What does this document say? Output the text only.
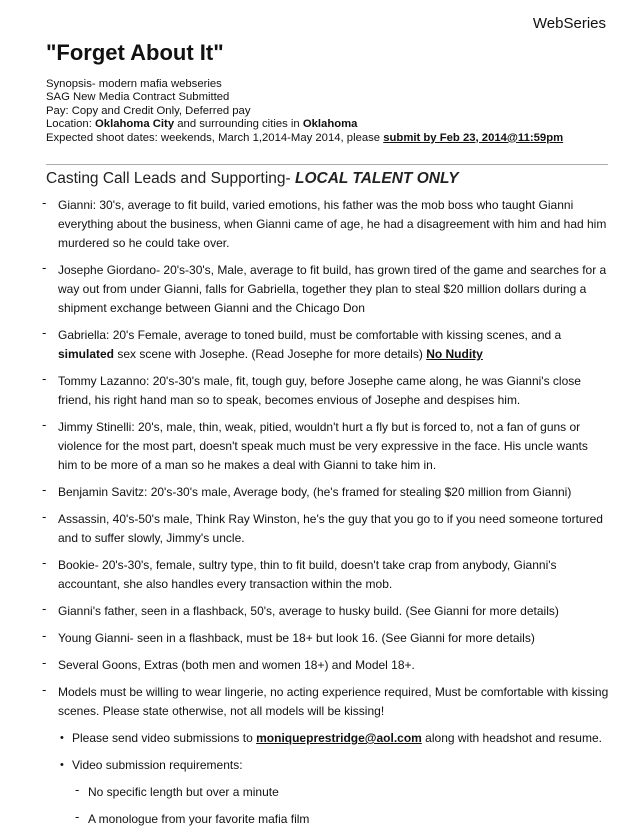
WebSeries
"Forget About It"
Synopsis- modern mafia webseries
SAG New Media Contract Submitted
Pay: Copy and Credit Only, Deferred pay
Location: Oklahoma City and surrounding cities in Oklahoma
Expected shoot dates: weekends, March 1,2014-May 2014, please submit by Feb 23, 2014@11:59pm
Casting Call Leads and Supporting- LOCAL TALENT ONLY
- Gianni: 30's, average to fit build, varied emotions, his father was the mob boss who taught Gianni everything about the business, when Gianni came of age, he had a disagreement with him and had him murdered so he could take over.
- Josephe Giordano- 20's-30's, Male, average to fit build, has grown tired of the game and searches for a way out from under Gianni, falls for Gabriella, together they plan to steal $20 million dollars during a shipment exchange between Gianni and the Chicago Don
- Gabriella: 20's Female, average to toned build, must be comfortable with kissing scenes, and a simulated sex scene with Josephe. (Read Josephe for more details) No Nudity
- Tommy Lazanno: 20's-30's male, fit, tough guy, before Josephe came along, he was Gianni's close friend, his right hand man so to speak, becomes envious of Josephe and despises him.
- Jimmy Stinelli: 20's, male, thin, weak, pitied, wouldn't hurt a fly but is forced to, not a fan of guns or violence for the most part, doesn't speak much must be very expressive in the face. His uncle wants him to be more of a man so he makes a deal with Gianni to take him in.
- Benjamin Savitz: 20's-30's male, Average body, (he's framed for stealing $20 million from Gianni)
- Assassin, 40's-50's male, Think Ray Winston, he's the guy that you go to if you need someone tortured and to suffer slowly, Jimmy's uncle.
- Bookie- 20's-30's, female, sultry type, thin to fit build, doesn't take crap from anybody, Gianni's accountant, she also handles every transaction within the mob.
- Gianni's father, seen in a flashback, 50's, average to husky build. (See Gianni for more details)
- Young Gianni- seen in a flashback, must be 18+ but look 16. (See Gianni for more details)
- Several Goons, Extras (both men and women 18+) and Model 18+.
- Models must be willing to wear lingerie, no acting experience required, Must be comfortable with kissing scenes. Please state otherwise, not all models will be kissing!
• Please send video submissions to moniqueprestridge@aol.com along with headshot and resume.
• Video submission requirements:
- No specific length but over a minute
- A monologue from your favorite mafia film
